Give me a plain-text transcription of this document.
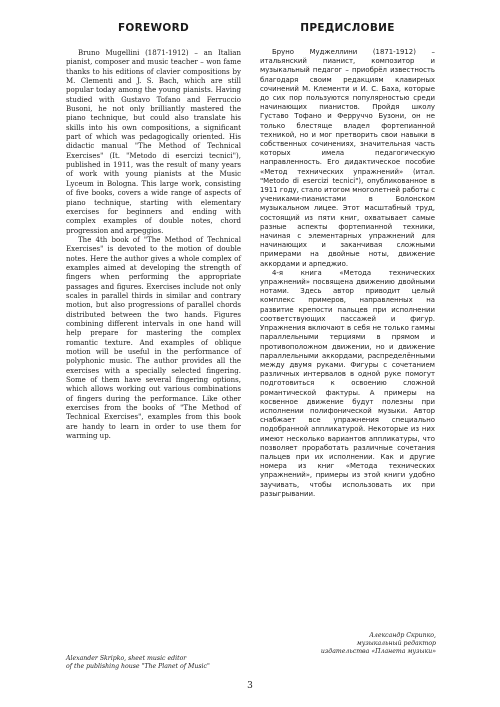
FOREWORD

Bruno Mugellini (1871-1912) – an Italian pianist, composer and music teacher – won fame thanks to his editions of clavier compositions by M. Clementi and J. S. Bach, which are still popular today among the young pianists. Having studied with Gustavo Tofano and Ferruccio Busoni, he not only brilliantly mastered the piano technique, but could also translate his skills into his own compositions, a significant part of which was pedagogically oriented. His didactic manual "The Method of Technical Exercises" (It. "Metodo di esercizi tecnici"), published in 1911, was the result of many years of work with young pianists at the Music Lyceum in Bologna. This large work, consisting of five books, covers a wide range of aspects of piano technique, starting with elementary exercises for beginners and ending with complex examples of double notes, chord progression and arpeggios.

The 4th book of "The Method of Technical Exercises" is devoted to the motion of double notes. Here the author gives a whole complex of examples aimed at developing the strength of fingers when performing the appropriate passages and figures. Exercises include not only scales in parallel thirds in similar and contrary motion, but also progressions of parallel chords distributed between the two hands. Figures combining different intervals in one hand will help prepare for mastering the complex romantic texture. And examples of oblique motion will be useful in the performance of polyphonic music. The author provides all the exercises with a specially selected fingering. Some of them have several fingering options, which allows working out various combinations of fingers during the performance. Like other exercises from the books of "The Method of Technical Exercises", examples from this book are handy to learn in order to use them for warming up.

ПРЕДИСЛОВИЕ

Бруно Муджеллини (1871-1912) – итальянский пианист, композитор и музыкальный педагог – приобрёл известность благодаря своим редакциям клавирных сочинений М. Клементи и И. С. Баха, которые до сих пор пользуются популярностью среди начинающих пианистов. Пройдя школу Густаво Тофано и Ферруччо Бузони, он не только блестяще владел фортепианной техникой, но и мог претворить свои навыки в собственных сочинениях, значительная часть которых имела педагогическую направленность. Его дидактическое пособие «Метод технических упражнений» (итал. "Metodo di esercizi tecnici"), опубликованное в 1911 году, стало итогом многолетней работы с учениками-пианистами в Болонском музыкальном лицее. Этот масштабный труд, состоящий из пяти книг, охватывает самые разные аспекты фортепианной техники, начиная с элементарных упражнений для начинающих и заканчивая сложными примерами на двойные ноты, движение аккордами и арпеджио.

4-я книга «Метода технических упражнений» посвящена движению двойными нотами. Здесь автор приводит целый комплекс примеров, направленных на развитие крепости пальцев при исполнении соответствующих пассажей и фигур. Упражнения включают в себя не только гаммы параллельными терциями в прямом и противоположном движении, но и движение параллельными аккордами, распределёнными между двумя руками. Фигуры с сочетанием различных интервалов в одной руке помогут подготовиться к освоению сложной романтической фактуры. А примеры на косвенное движение будут полезны при исполнении полифонической музыки. Автор снабжает все упражнения специально подобранной аппликатурой. Некоторые из них имеют несколько вариантов аппликатуры, что позволяет проработать различные сочетания пальцев при их исполнении. Как и другие номера из книг «Метода технических упражнений», примеры из этой книги удобно заучивать, чтобы использовать их при разыгрывании.

Alexander Skripko, sheet music editor
of the publishing house "The Planet of Music"
Александр Скрипко,
музыкальный редактор
издательства «Планета музыки»
3
